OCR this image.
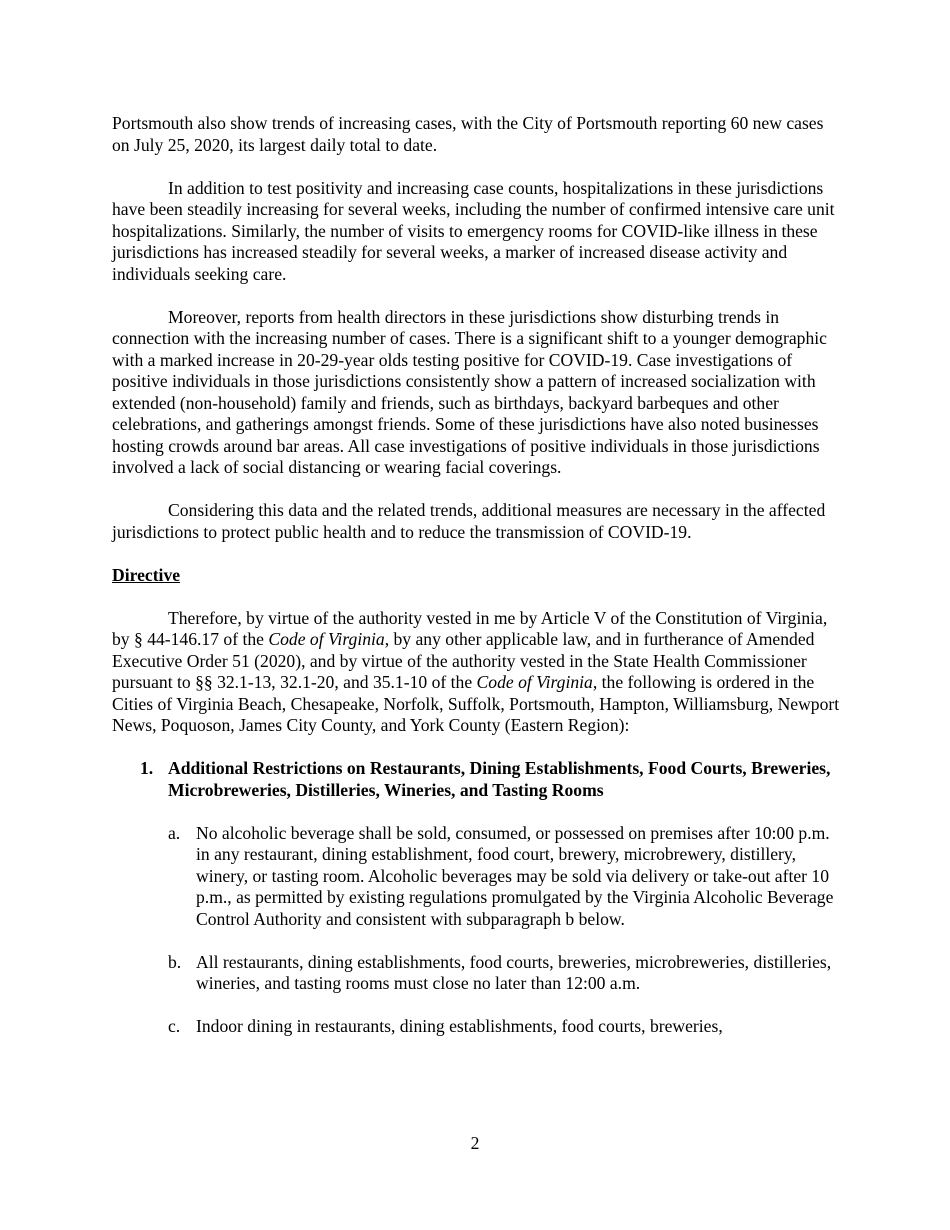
Portsmouth also show trends of increasing cases, with the City of Portsmouth reporting 60 new cases on July 25, 2020, its largest daily total to date.

In addition to test positivity and increasing case counts, hospitalizations in these jurisdictions have been steadily increasing for several weeks, including the number of confirmed intensive care unit hospitalizations. Similarly, the number of visits to emergency rooms for COVID-like illness in these jurisdictions has increased steadily for several weeks, a marker of increased disease activity and individuals seeking care.

Moreover, reports from health directors in these jurisdictions show disturbing trends in connection with the increasing number of cases. There is a significant shift to a younger demographic with a marked increase in 20-29-year olds testing positive for COVID-19. Case investigations of positive individuals in those jurisdictions consistently show a pattern of increased socialization with extended (non-household) family and friends, such as birthdays, backyard barbeques and other celebrations, and gatherings amongst friends. Some of these jurisdictions have also noted businesses hosting crowds around bar areas. All case investigations of positive individuals in those jurisdictions involved a lack of social distancing or wearing facial coverings.

Considering this data and the related trends, additional measures are necessary in the affected jurisdictions to protect public health and to reduce the transmission of COVID-19.

Directive

Therefore, by virtue of the authority vested in me by Article V of the Constitution of Virginia, by § 44-146.17 of the Code of Virginia, by any other applicable law, and in furtherance of Amended Executive Order 51 (2020), and by virtue of the authority vested in the State Health Commissioner pursuant to §§ 32.1-13, 32.1-20, and 35.1-10 of the Code of Virginia, the following is ordered in the Cities of Virginia Beach, Chesapeake, Norfolk, Suffolk, Portsmouth, Hampton, Williamsburg, Newport News, Poquoson, James City County, and York County (Eastern Region):

1. Additional Restrictions on Restaurants, Dining Establishments, Food Courts, Breweries, Microbreweries, Distilleries, Wineries, and Tasting Rooms
a. No alcoholic beverage shall be sold, consumed, or possessed on premises after 10:00 p.m. in any restaurant, dining establishment, food court, brewery, microbrewery, distillery, winery, or tasting room. Alcoholic beverages may be sold via delivery or take-out after 10 p.m., as permitted by existing regulations promulgated by the Virginia Alcoholic Beverage Control Authority and consistent with subparagraph b below.
b. All restaurants, dining establishments, food courts, breweries, microbreweries, distilleries, wineries, and tasting rooms must close no later than 12:00 a.m.
c. Indoor dining in restaurants, dining establishments, food courts, breweries,
2
